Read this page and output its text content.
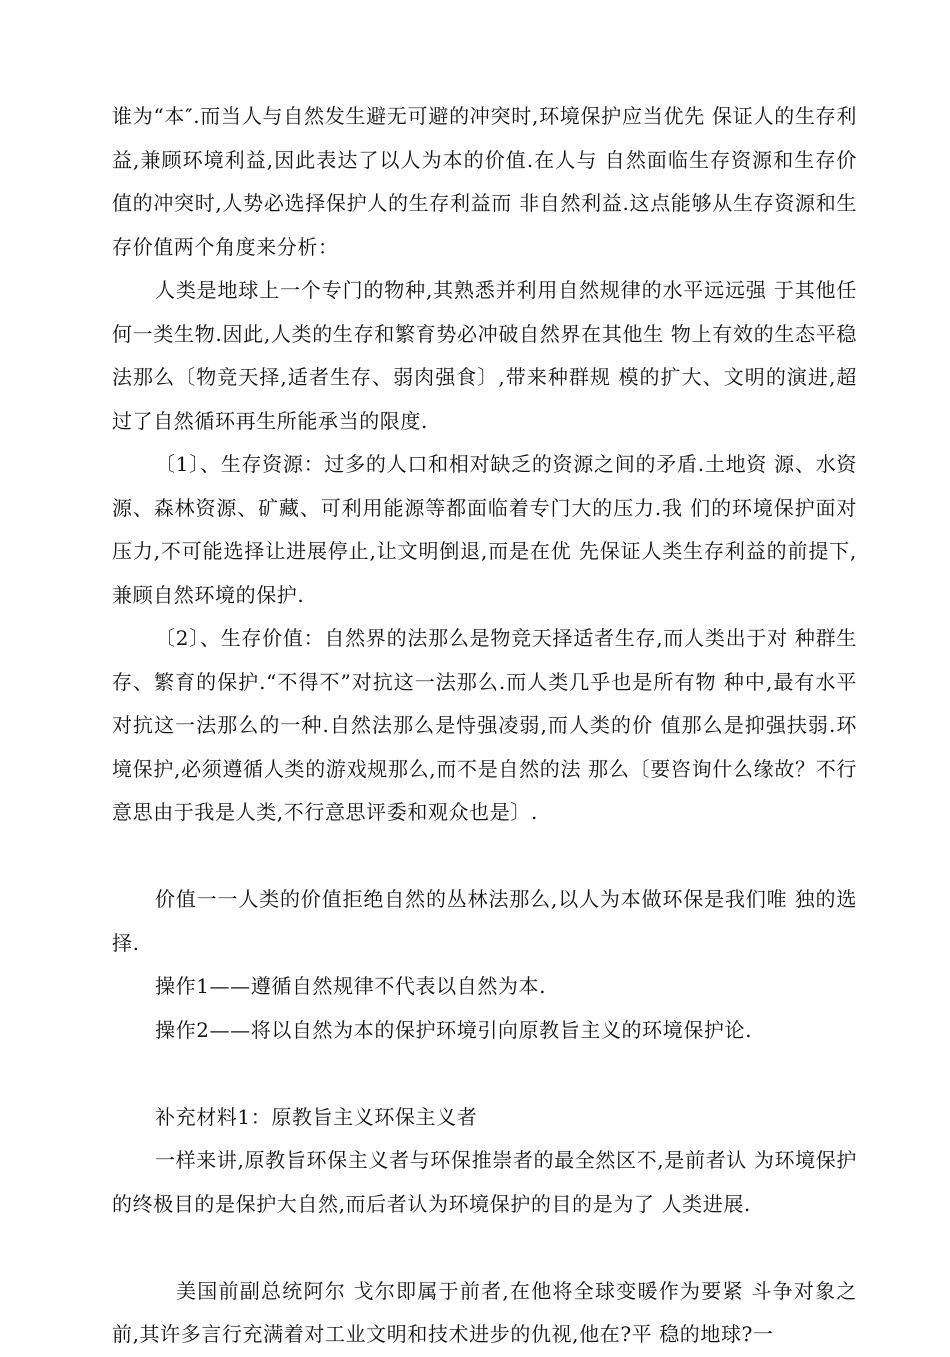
谁为“本″.而当人与自然发生避无可避的冲突时,环境保护应当优先 保证人的生存利益,兼顾环境利益,因此表达了以人为本的价值.在人与 自然面临生存资源和生存价值的冲突时,人势必选择保护人的生存利益而 非自然利益.这点能够从生存资源和生存价值两个角度来分析：

人类是地球上一个专门的物种,其熟悉并利用自然规律的水平远远强 于其他任何一类生物.因此,人类的生存和繁育势必冲破自然界在其他生 物上有效的生态平稳法那么〔物竞天择,适者生存、弱肉强食〕,带来种群规 模的扩大、文明的演进,超过了自然循环再生所能承当的限度.

〔1〕、生存资源：过多的人口和相对缺乏的资源之间的矛盾.土地资 源、水资源、森林资源、矿藏、可利用能源等都面临着专门大的压力.我 们的环境保护面对压力,不可能选择让进展停止,让文明倒退,而是在优 先保证人类生存利益的前提下,兼顾自然环境的保护.

〔2〕、生存价值：自然界的法那么是物竞天择适者生存,而人类出于对 种群生存、繁育的保护.“不得不”对抗这一法那么.而人类几乎也是所有物 种中,最有水平对抗这一法那么的一种.自然法那么是恃强凌弱,而人类的价 值那么是抑强扶弱.环境保护,必须遵循人类的游戏规那么,而不是自然的法 那么〔要咨询什么缘故？不行意思由于我是人类,不行意思评委和观众也是〕.

价值一一人类的价值拒绝自然的丛林法那么,以人为本做环保是我们唯 独的选择.

操作1——遵循自然规律不代表以自然为本.

操作2——将以自然为本的保护环境引向原教旨主义的环境保护论.

补充材料1：原教旨主义环保主义者

一样来讲,原教旨环保主义者与环保推崇者的最全然区不,是前者认 为环境保护的终极目的是保护大自然,而后者认为环境保护的目的是为了 人类进展.

美国前副总统阿尔 戈尔即属于前者,在他将全球变暖作为要紧 斗争对象之前,其许多言行充满着对工业文明和技术进步的仇视,他在?平 稳的地球?一
